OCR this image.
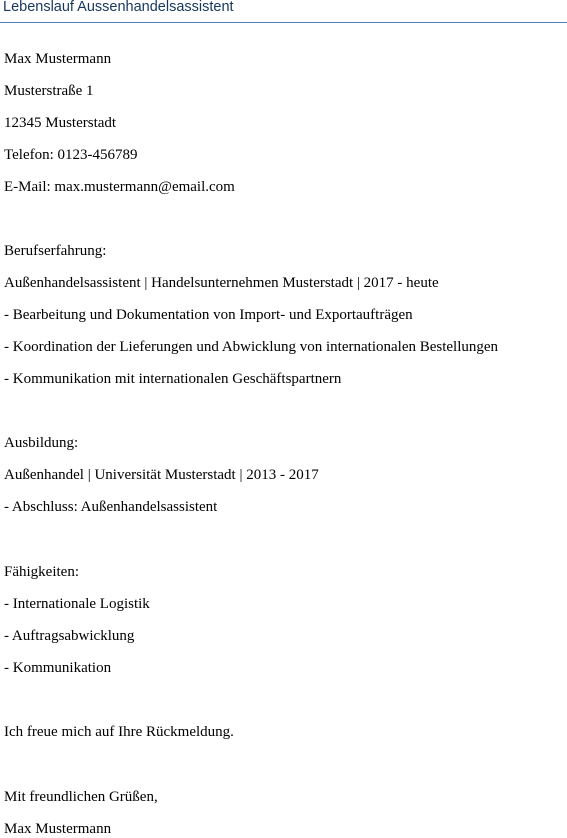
Lebenslauf Aussenhandelsassistent
Max Mustermann
Musterstraße 1
12345 Musterstadt
Telefon: 0123-456789
E-Mail: max.mustermann@email.com
Berufserfahrung:
Außenhandelsassistent | Handelsunternehmen Musterstadt | 2017 - heute
- Bearbeitung und Dokumentation von Import- und Exportaufträgen
- Koordination der Lieferungen und Abwicklung von internationalen Bestellungen
- Kommunikation mit internationalen Geschäftspartnern
Ausbildung:
Außenhandel | Universität Musterstadt | 2013 - 2017
- Abschluss: Außenhandelsassistent
Fähigkeiten:
- Internationale Logistik
- Auftragsabwicklung
- Kommunikation
Ich freue mich auf Ihre Rückmeldung.
Mit freundlichen Grüßen,
Max Mustermann
